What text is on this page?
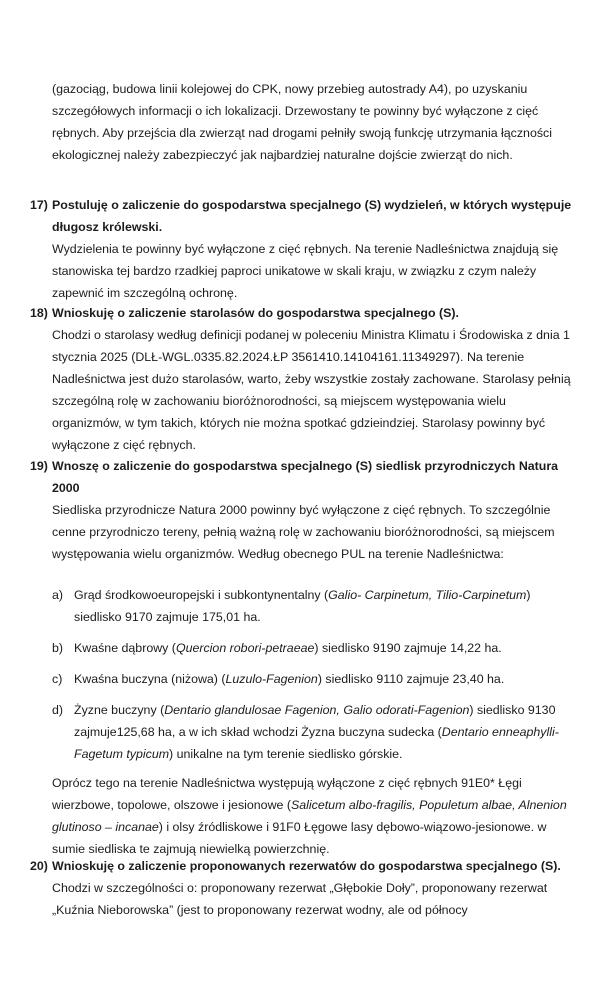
(gazociąg, budowa linii kolejowej do CPK, nowy przebieg autostrady A4), po uzyskaniu szczegółowych informacji o ich lokalizacji. Drzewostany te powinny być wyłączone z cięć rębnych. Aby przejścia dla zwierząt nad drogami pełniły swoją funkcję utrzymania łączności ekologicznej należy zabezpieczyć jak najbardziej naturalne dojście zwierząt do nich.

17) Postuluję o zaliczenie do gospodarstwa specjalnego (S) wydzieleń, w których występuje długosz królewski.
Wydzielenia te powinny być wyłączone z cięć rębnych. Na terenie Nadleśnictwa znajdują się stanowiska tej bardzo rzadkiej paproci unikatowe w skali kraju, w związku z czym należy zapewnić im szczególną ochronę.
18) Wnioskuję o zaliczenie starolasów do gospodarstwa specjalnego (S).
Chodzi o starolasy według definicji podanej w poleceniu Ministra Klimatu i Środowiska z dnia 1 stycznia 2025 (DLŁ-WGL.0335.82.2024.ŁP 3561410.14104161.11349297). Na terenie Nadleśnictwa jest dużo starolasów, warto, żeby wszystkie zostały zachowane. Starolasy pełnią szczególną rolę w zachowaniu bioróżnorodności, są miejscem występowania wielu organizmów, w tym takich, których nie można spotkać gdzieindziej. Starolasy powinny być wyłączone z cięć rębnych.
19) Wnoszę o zaliczenie do gospodarstwa specjalnego (S) siedlisk przyrodniczych Natura 2000
Siedliska przyrodnicze Natura 2000 powinny być wyłączone z cięć rębnych. To szczególnie cenne przyrodniczo tereny, pełnią ważną rolę w zachowaniu bioróżnorodności, są miejscem występowania wielu organizmów. Według obecnego PUL na terenie Nadleśnictwa:
a) Grąd środkowoeuropejski i subkontynentalny (Galio- Carpinetum, Tilio-Carpinetum) siedlisko 9170 zajmuje 175,01 ha.
b) Kwaśne dąbrowy (Quercion robori-petraeae) siedlisko 9190 zajmuje 14,22 ha.
c) Kwaśna buczyna (niżowa) (Luzulo-Fagenion) siedlisko 9110 zajmuje 23,40 ha.
d) Żyzne buczyny (Dentario glandulosae Fagenion, Galio odorati-Fagenion) siedlisko 9130 zajmuje125,68 ha, a w ich skład wchodzi Żyzna buczyna sudecka (Dentario enneaphylli-Fagetum typicum) unikalne na tym terenie siedlisko górskie.

Oprócz tego na terenie Nadleśnictwa występują wyłączone z cięć rębnych 91E0* Łęgi wierzbowe, topolowe, olszowe i jesionowe (Salicetum albo-fragilis, Populetum albae, Alnenion glutinoso – incanae) i olsy źródliskowe i 91F0 Łęgowe lasy dębowo-wiązowo-jesionowe. w sumie siedliska te zajmują niewielką powierzchnię.

20) Wnioskuję o zaliczenie proponowanych rezerwatów do gospodarstwa specjalnego (S).
Chodzi w szczególności o: proponowany rezerwat „Głębokie Doły”, proponowany rezerwat „Kuźnia Nieborowska” (jest to proponowany rezerwat wodny, ale od północy
